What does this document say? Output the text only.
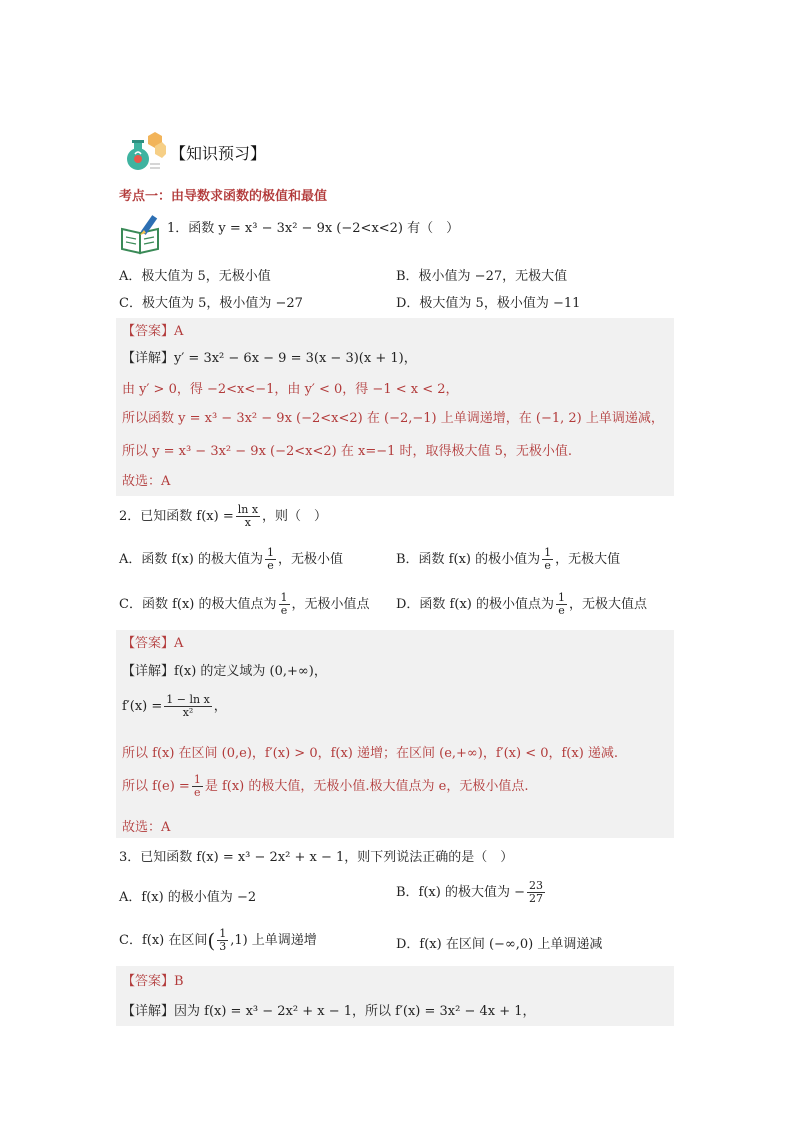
【知识预习】
考点一：由导数求函数的极值和最值
1．函数 y = x³ − 3x² − 9x (−2<x<2) 有（　）
A．极大值为 5，无极小值	B．极小值为 −27，无极大值
C．极大值为 5，极小值为 −27	D．极大值为 5，极小值为 −11
【答案】A
【详解】y′ = 3x² − 6x − 9 = 3(x − 3)(x + 1)，
由 y′ > 0，得 −2<x<−1，由 y′ < 0，得 −1 < x < 2，
所以函数 y = x³ − 3x² − 9x (−2<x<2) 在 (−2,−1) 上单调递增，在 (−1, 2) 上单调递减，
所以 y = x³ − 3x² − 9x (−2<x<2) 在 x=−1 时，取得极大值 5，无极小值.
故选：A
2．已知函数 $f(x) = \frac{\text{ln x}}{x}$ ，则（　）
A．函数 f(x) 的极大值为 $\frac{1}{e}$ ，无极小值	B．函数 f(x) 的极小值为 $\frac{1}{e}$ ，无极大值
C．函数 f(x) 的极大值点为 $\frac{1}{e}$ ，无极小值点 D．函数 f(x) 的极小值点为 $\frac{1}{e}$ ，无极大值点
【答案】A
【详解】f(x) 的定义域为 (0,+∞)，
$f'(x) = \frac{\text{1 − ln x}}{\text{x²}}$ ，
所以 f(x) 在区间 (0,e)，f′(x) > 0，f(x) 递增；在区间 (e,+∞)，f′(x) < 0，f(x) 递减.
所以 $f(e) = \frac{1}{e}$ 是 f(x) 的极大值，无极小值.极大值点为 e，无极小值点.
故选：A
3．已知函数 f(x) = x³ − 2x² + x − 1，则下列说法正确的是（　）
A．f(x) 的极小值为 −2	B．f(x) 的极大值为 − $\frac{23}{27}$
C．f(x) 在区间( $\frac{1}{3} ,1$) 上单调递增	D．f(x) 在区间 (−∞,0) 上单调递减
【答案】B
【详解】因为 f(x) = x³ − 2x² + x − 1，所以 f′(x) = 3x² − 4x + 1，
